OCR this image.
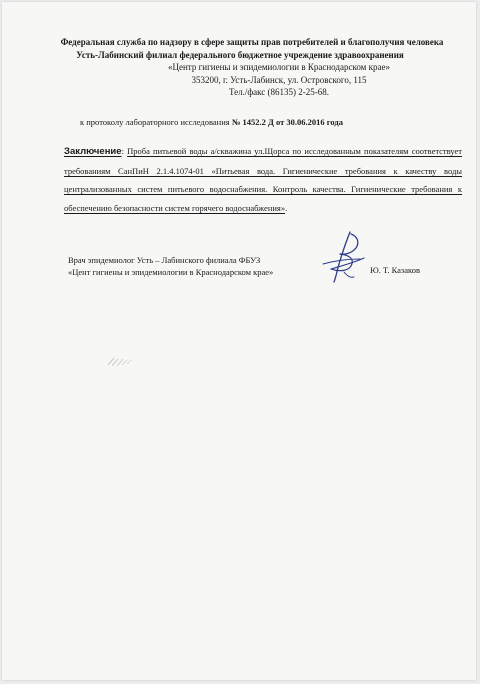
Федеральная служба по надзору в сфере защиты прав потребителей и благополучия человека
Усть-Лабинский филиал федерального бюджетное учреждение здравоохранения
«Центр гигиены и эпидемиологии в Краснодарском крае»
353200, г. Усть-Лабинск, ул. Островского, 115
Тел./факс (86135) 2-25-68.
к протоколу лабораторного исследования № 1452.2 Д от 30.06.2016 года
Заключение: Проба питьевой воды а/скважина ул.Щорса по исследованным показателям соответствует требованиям СанПиН 2.1.4.1074-01 «Питьевая вода. Гигиенические требования к качеству воды централизованных систем питьевого водоснабжения. Контроль качества. Гигиенические требования к обеспечению безопасности систем горячего водоснабжения».
Врач эпидемиолог Усть – Лабинского филиала ФБУЗ
«Цент гигиены и эпидемиологии в Краснодарском крае»	Ю. Т. Казаков
